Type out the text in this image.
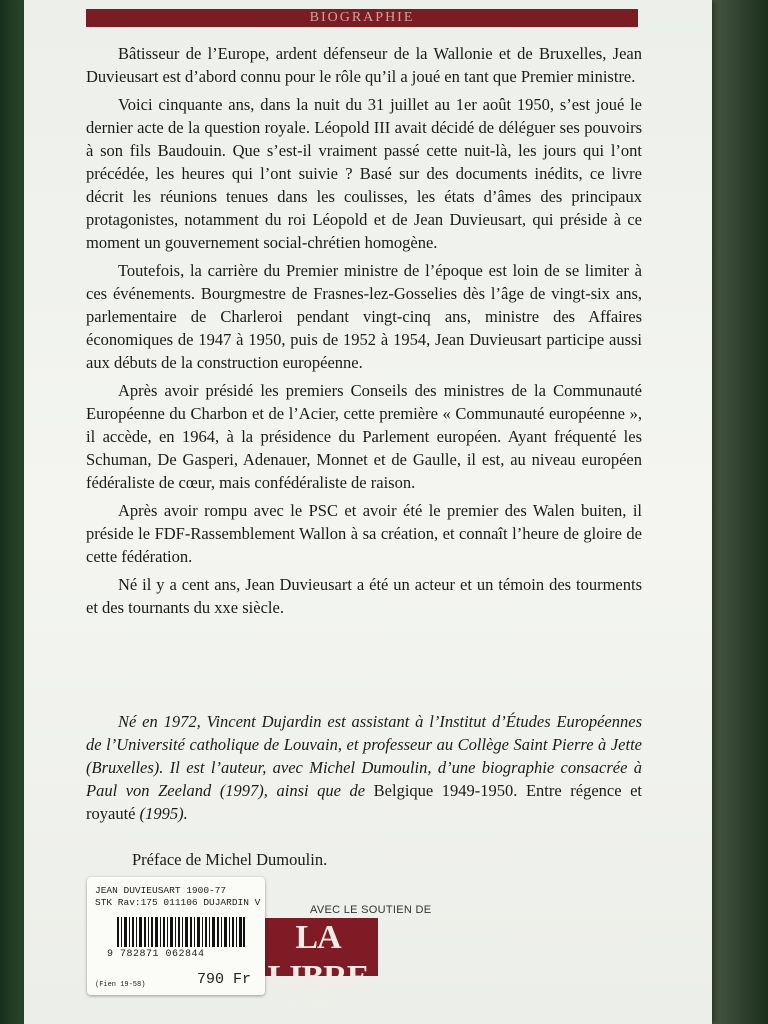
BIOGRAPHIE

Bâtisseur de l’Europe, ardent défenseur de la Wallonie et de Bruxelles, Jean Duvieusart est d’abord connu pour le rôle qu’il a joué en tant que Premier ministre.

Voici cinquante ans, dans la nuit du 31 juillet au 1er août 1950, s’est joué le dernier acte de la question royale. Léopold III avait décidé de déléguer ses pouvoirs à son fils Baudouin. Que s’est-il vraiment passé cette nuit-là, les jours qui l’ont précédée, les heures qui l’ont suivie ? Basé sur des documents inédits, ce livre décrit les réunions tenues dans les coulisses, les états d’âmes des principaux protagonistes, notamment du roi Léopold et de Jean Duvieusart, qui préside à ce moment un gouvernement social-chrétien homogène.

Toutefois, la carrière du Premier ministre de l’époque est loin de se limiter à ces événements. Bourgmestre de Frasnes-lez-Gosselies dès l’âge de vingt-six ans, parlementaire de Charleroi pendant vingt-cinq ans, ministre des Affaires économiques de 1947 à 1950, puis de 1952 à 1954, Jean Duvieusart participe aussi aux débuts de la construction européenne.

Après avoir présidé les premiers Conseils des ministres de la Communauté Européenne du Charbon et de l’Acier, cette première « Communauté européenne », il accède, en 1964, à la présidence du Parlement européen. Ayant fréquenté les Schuman, De Gasperi, Adenauer, Monnet et de Gaulle, il est, au niveau européen fédéraliste de cœur, mais confédéraliste de raison.

Après avoir rompu avec le PSC et avoir été le premier des Walen buiten, il préside le FDF-Rassemblement Wallon à sa création, et connaît l’heure de gloire de cette fédération.

Né il y a cent ans, Jean Duvieusart a été un acteur et un témoin des tourments et des tournants du xxe siècle.

Né en 1972, Vincent Dujardin est assistant à l’Institut d’Études Européennes de l’Université catholique de Louvain, et professeur au Collège Saint Pierre à Jette (Bruxelles). Il est l’auteur, avec Michel Dumoulin, d’une biographie consacrée à Paul von Zeeland (1997), ainsi que de Belgique 1949-1950. Entre régence et royauté (1995).

Préface de Michel Dumoulin.
AVEC LE SOUTIEN DE
LA LIBRE
BELGIQUE
JEAN DUVIEUSART 1900-77
STK Rav:175 011106 DUJARDIN V
9 782871 062844
790 Fr
(Fien 19-58)
